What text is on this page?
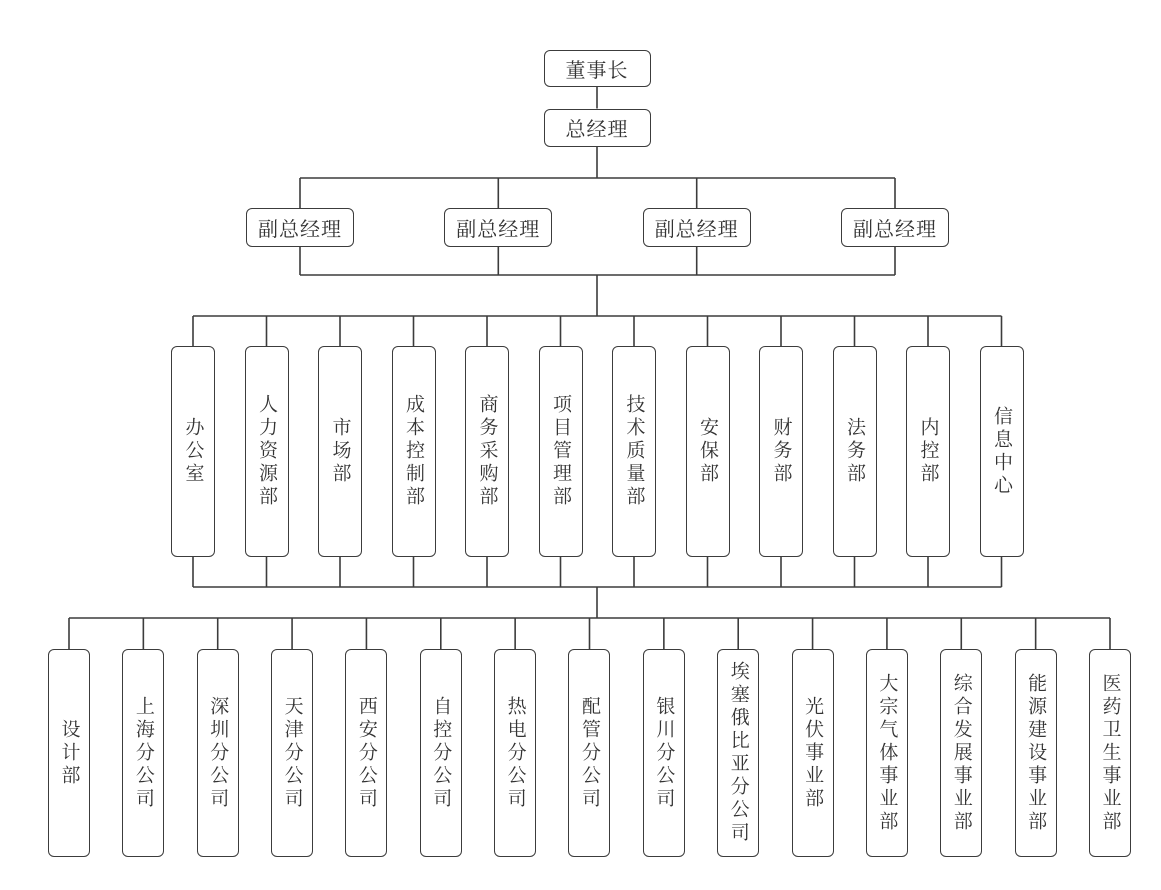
董事长
总经理
副总经理	副总经理	副总经理	副总经理
办公室	人力资源部	市场部	成本控制部	商务采购部	项目管理部	技术质量部	安保部	财务部	法务部	内控部	信息中心
设计部	上海分公司	深圳分公司	天津分公司	西安分公司	自控分公司	热电分公司	配管分公司	银川分公司	埃塞俄比亚分公司	光伏事业部	大宗气体事业部	综合发展事业部	能源建设事业部	医药卫生事业部
